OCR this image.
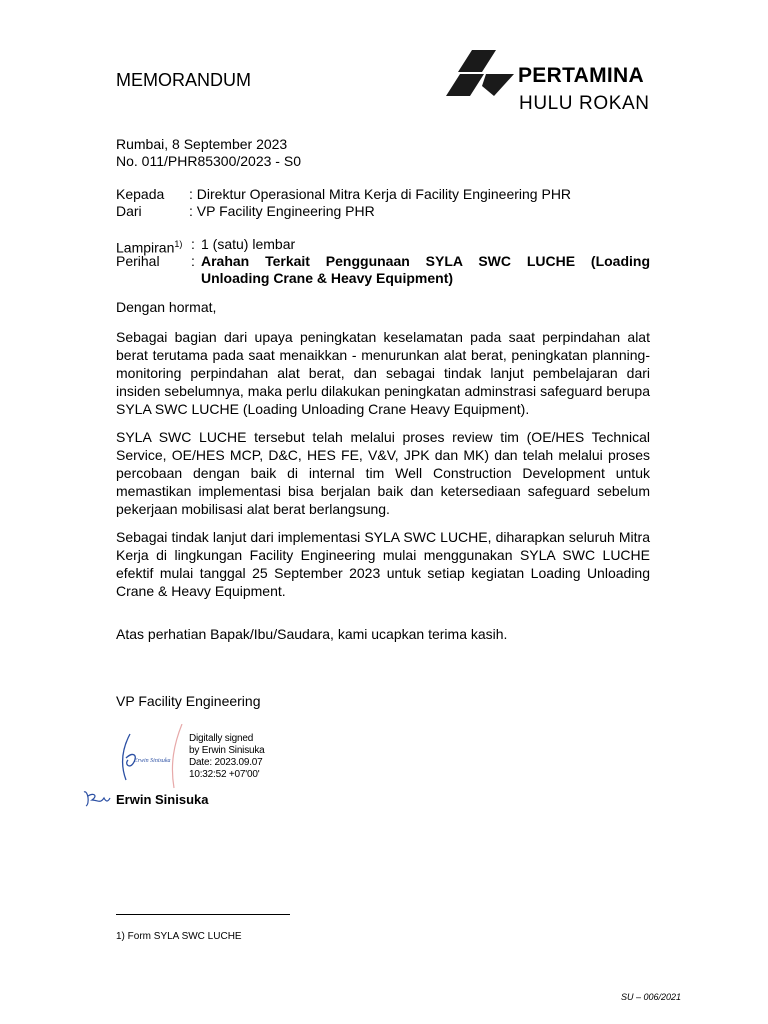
MEMORANDUM	PERTAMINA
HULU ROKAN
Rumbai, 8 September 2023
No. 011/PHR85300/2023 - S0
Kepada : Direktur Operasional Mitra Kerja di Facility Engineering PHR
Dari	: VP Facility Engineering PHR
Lampiran$^{1)}$ : 1 (satu) lembar
Perihal : Arahan Terkait Penggunaan SYLA SWC LUCHE (Loading Unloading Crane & Heavy Equipment)
Dengan hormat,
Sebagai bagian dari upaya peningkatan keselamatan pada saat perpindahan alat berat terutama pada saat menaikkan - menurunkan alat berat, peningkatan planning-monitoring perpindahan alat berat, dan sebagai tindak lanjut pembelajaran dari insiden sebelumnya, maka perlu dilakukan peningkatan adminstrasi safeguard berupa SYLA SWC LUCHE (Loading Unloading Crane Heavy Equipment).
SYLA SWC LUCHE tersebut telah melalui proses review tim (OE/HES Technical Service, OE/HES MCP, D&C, HES FE, V&V, JPK dan MK) dan telah melalui proses percobaan dengan baik di internal tim Well Construction Development untuk memastikan implementasi bisa berjalan baik dan ketersediaan safeguard sebelum pekerjaan mobilisasi alat berat berlangsung.
Sebagai tindak lanjut dari implementasi SYLA SWC LUCHE, diharapkan seluruh Mitra Kerja di lingkungan Facility Engineering mulai menggunakan SYLA SWC LUCHE efektif mulai tanggal 25 September 2023 untuk setiap kegiatan Loading Unloading Crane & Heavy Equipment.
Atas perhatian Bapak/Ibu/Saudara, kami ucapkan terima kasih.
VP Facility Engineering
Erwin Sinisuka
Digitally signed
by Erwin Sinisuka
Date: 2023.09.07
10:32:52 +07'00'
Erwin Sinisuka
1) Form SYLA SWC LUCHE
SU – 006/2021
